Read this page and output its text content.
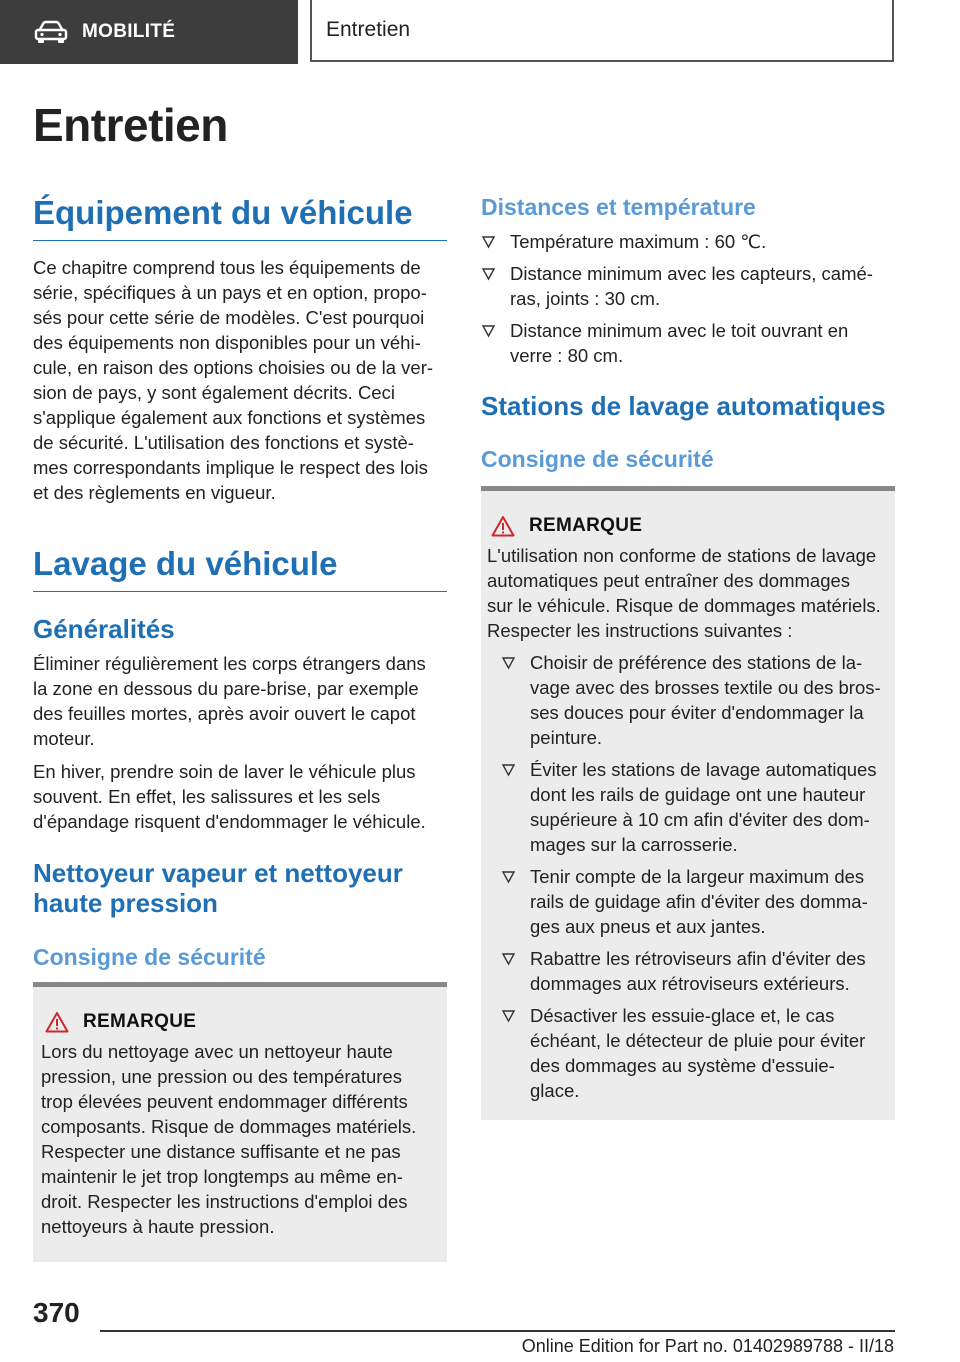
MOBILITÉ	Entretien
Entretien
Équipement du véhicule
Ce chapitre comprend tous les équipements de
série, spécifiques à un pays et en option, propo-
sés pour cette série de modèles. C'est pourquoi
des équipements non disponibles pour un véhi-
cule, en raison des options choisies ou de la ver-
sion de pays, y sont également décrits. Ceci
s'applique également aux fonctions et systèmes
de sécurité. L'utilisation des fonctions et systè-
mes correspondants implique le respect des lois
et des règlements en vigueur.
Lavage du véhicule
Généralités
Éliminer régulièrement les corps étrangers dans
la zone en dessous du pare-brise, par exemple
des feuilles mortes, après avoir ouvert le capot
moteur.
En hiver, prendre soin de laver le véhicule plus
souvent. En effet, les salissures et les sels
d'épandage risquent d'endommager le véhicule.
Nettoyeur vapeur et nettoyeur
haute pression
Consigne de sécurité
REMARQUE
Lors du nettoyage avec un nettoyeur haute
pression, une pression ou des températures
trop élevées peuvent endommager différents
composants. Risque de dommages matériels.
Respecter une distance suffisante et ne pas
maintenir le jet trop longtemps au même en-
droit. Respecter les instructions d'emploi des
nettoyeurs à haute pression.
Distances et température
Température maximum : 60 ℃.
Distance minimum avec les capteurs, camé-
ras, joints : 30 cm.
Distance minimum avec le toit ouvrant en
verre : 80 cm.
Stations de lavage automatiques
Consigne de sécurité
REMARQUE
L'utilisation non conforme de stations de lavage
automatiques peut entraîner des dommages
sur le véhicule. Risque de dommages matériels.
Respecter les instructions suivantes :
Choisir de préférence des stations de la-
vage avec des brosses textile ou des bros-
ses douces pour éviter d'endommager la
peinture.
Éviter les stations de lavage automatiques
dont les rails de guidage ont une hauteur
supérieure à 10 cm afin d'éviter des dom-
mages sur la carrosserie.
Tenir compte de la largeur maximum des
rails de guidage afin d'éviter des domma-
ges aux pneus et aux jantes.
Rabattre les rétroviseurs afin d'éviter des
dommages aux rétroviseurs extérieurs.
Désactiver les essuie-glace et, le cas
échéant, le détecteur de pluie pour éviter
des dommages au système d'essuie-
glace.
370
Online Edition for Part no. 01402989788 - II/18
